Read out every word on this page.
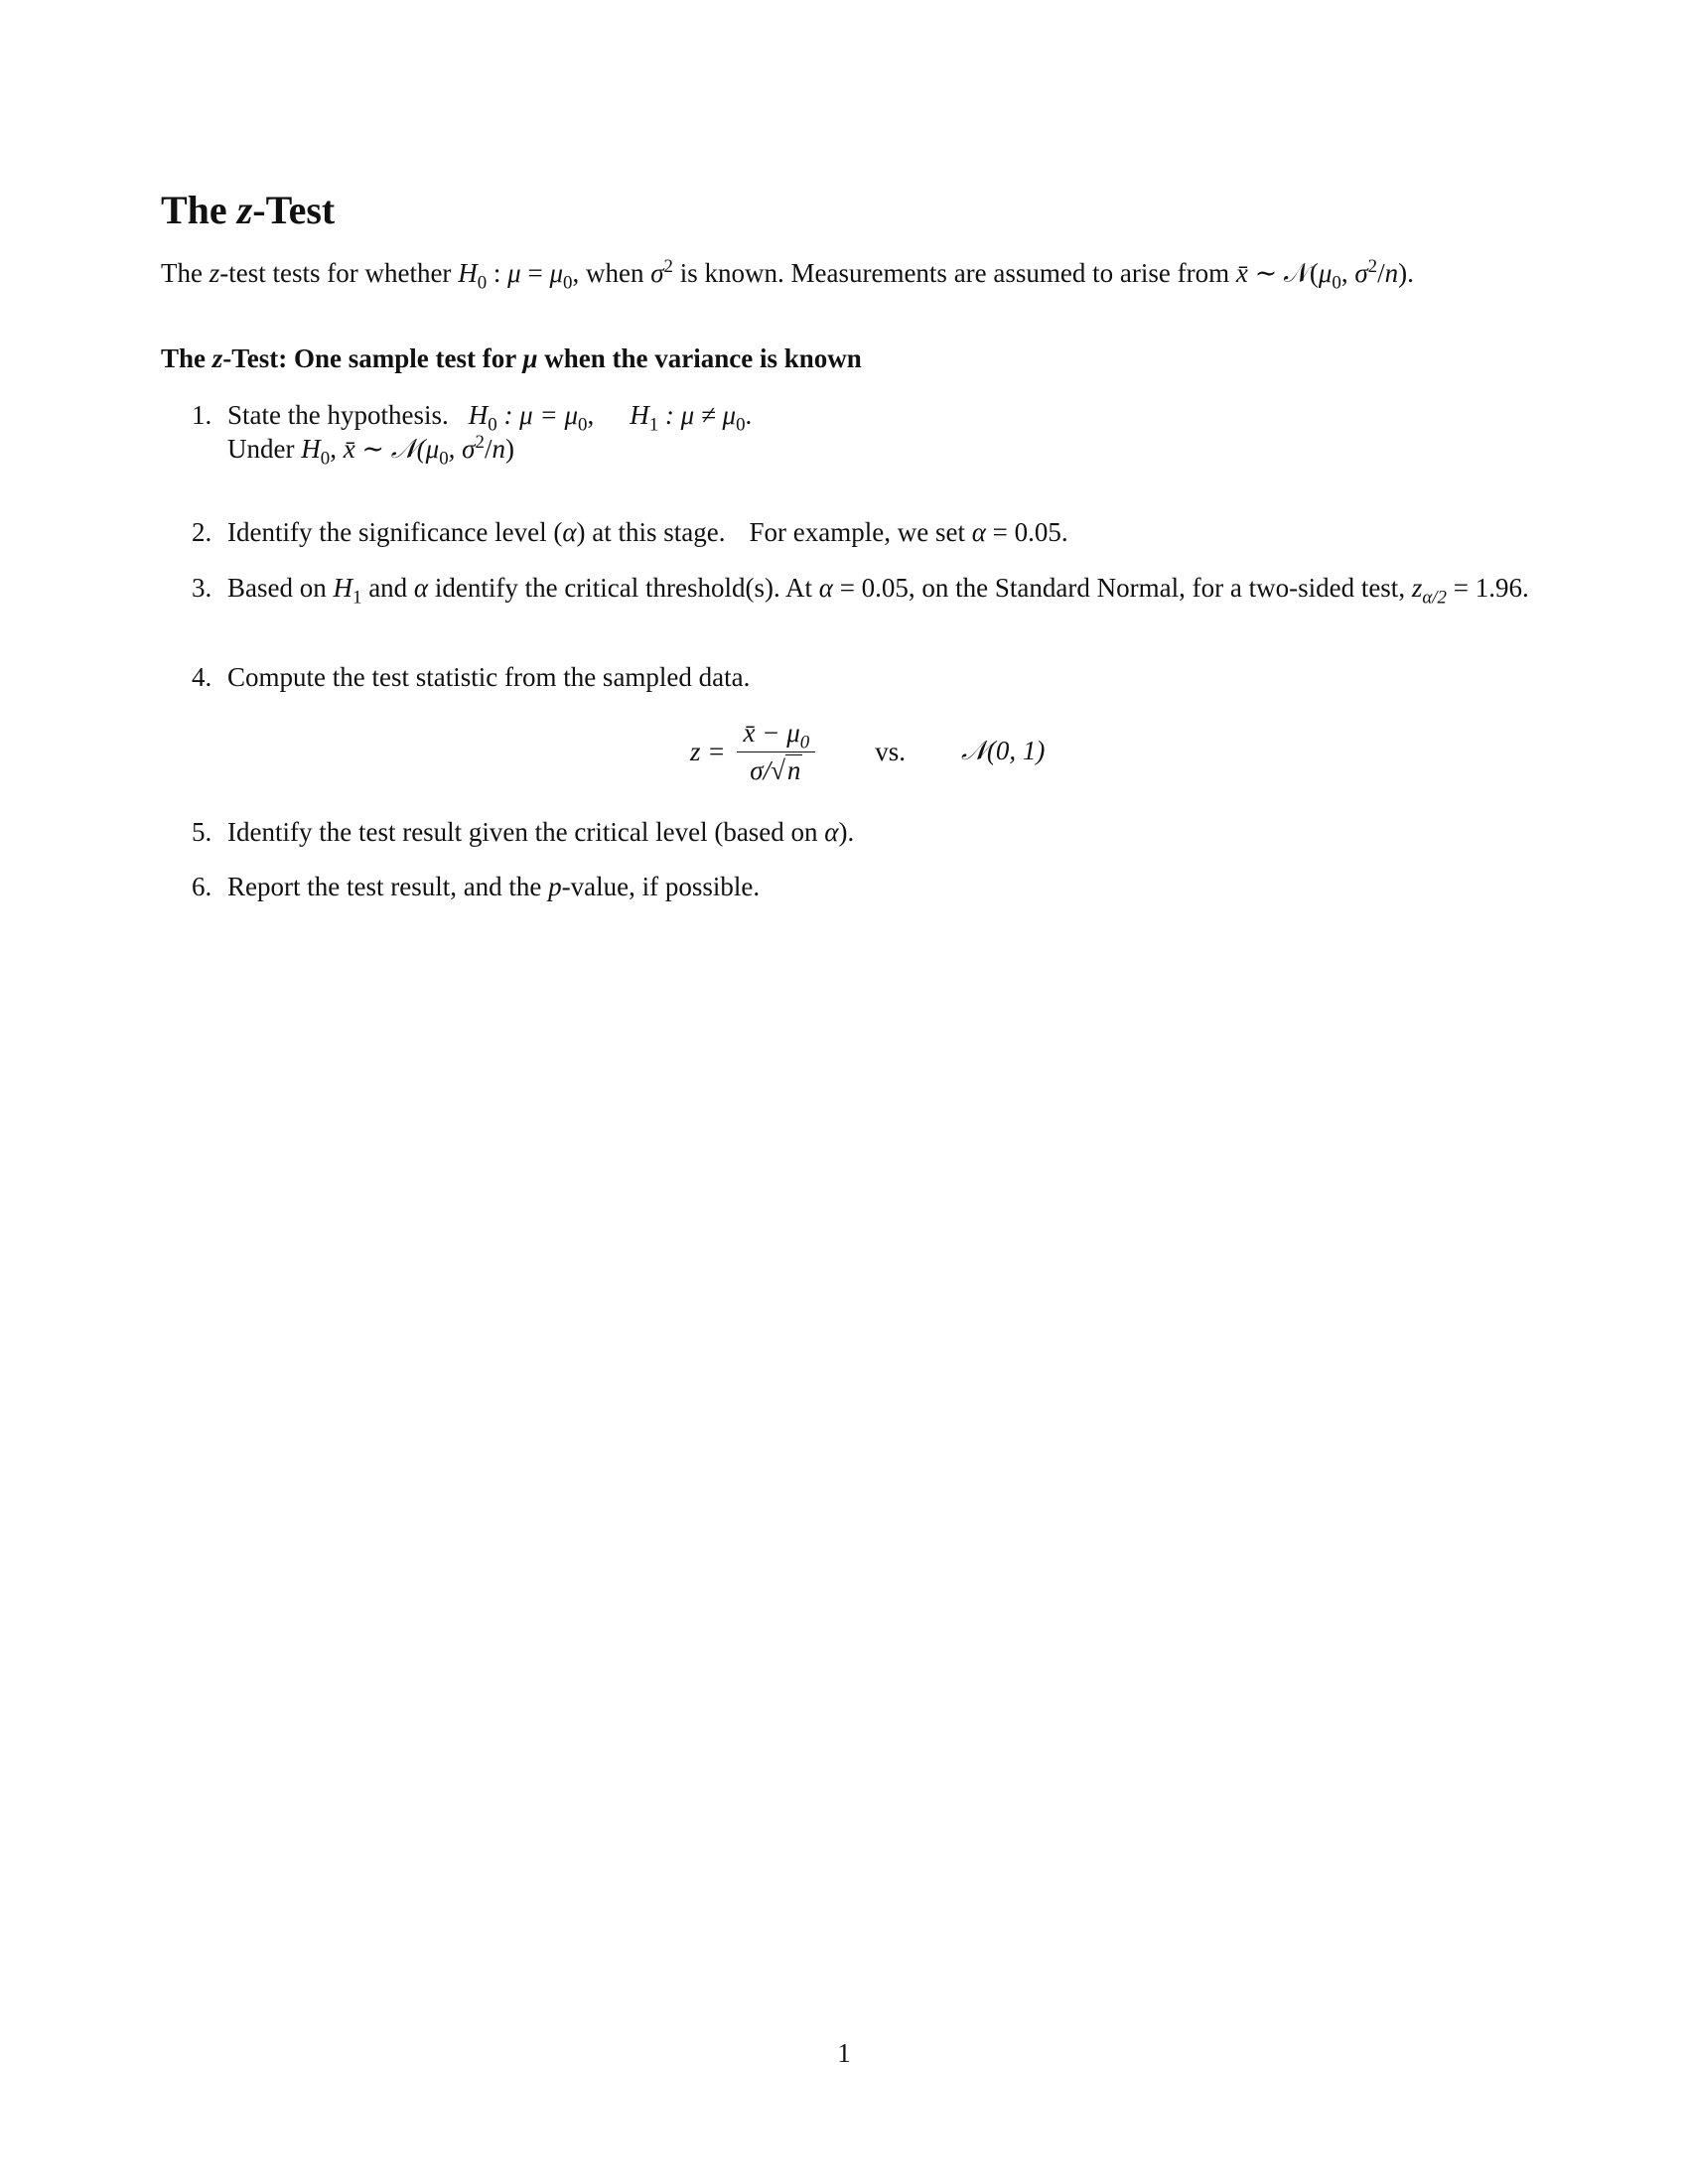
The z-Test

The z-test tests for whether $H_0$ : $\mu = \mu_0$, when $\sigma^2$ is known. Measurements are assumed to arise from x̄ ∼ $𝒩(\mu_0$, $\sigma^2/n$).

The z-Test: One sample test for μ when the variance is known
1. State the hypothesis. $H_0$ : $\mu = \mu_0$, $H_1$ : $\mu \ne \mu_0$.
Under $H_0$, x̄ ∼ $𝒩(\mu_0$, $\sigma^2/n$)
2. Identify the significance level (α) at this stage. For example, we set α = 0.05.
3. Based on $H_1$ and α identify the critical threshold(s). At α = 0.05, on the Standard Normal, for a two-sided test, $z_{\alpha/2} = 1.96$.
4. Compute the test statistic from the sampled data.
$z = \frac{x̄ - \mu_0}{\sigma/√n}$ vs. 𝒩(0, 1)
5. Identify the test result given the critical level (based on α).
6. Report the test result, and the p-value, if possible.
1
